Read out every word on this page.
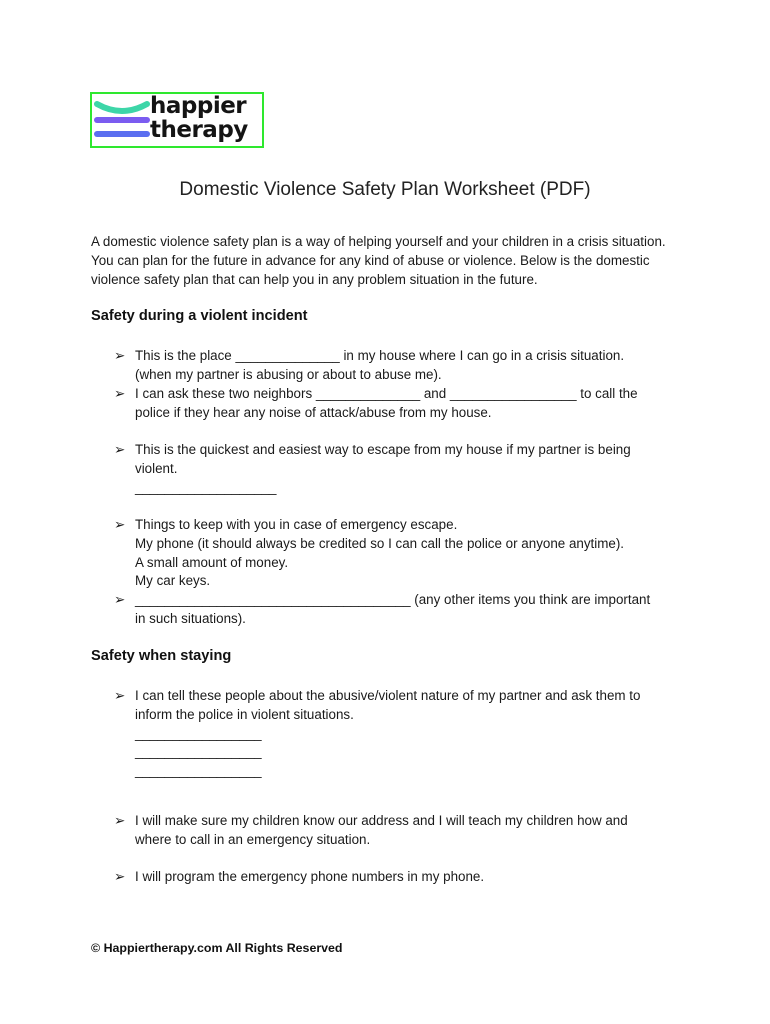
happier
therapy
Domestic Violence Safety Plan Worksheet (PDF)
A domestic violence safety plan is a way of helping yourself and your children in a crisis situation. You can plan for the future in advance for any kind of abuse or violence. Below is the domestic violence safety plan that can help you in any problem situation in the future.
Safety during a violent incident
➢ This is the place ______________ in my house where I can go in a crisis situation.
(when my partner is abusing or about to abuse me).
➢ I can ask these two neighbors ______________ and _________________ to call the
police if they hear any noise of attack/abuse from my house.
➢ This is the quickest and easiest way to escape from my house if my partner is being
violent.
___________________
➢ Things to keep with you in case of emergency escape.
My phone (it should always be credited so I can call the police or anyone anytime).
A small amount of money.
My car keys.
➢ _____________________________________ (any other items you think are important
in such situations).
Safety when staying
➢ I can tell these people about the abusive/violent nature of my partner and ask them to
inform the police in violent situations.
_________________
_________________
_________________
➢ I will make sure my children know our address and I will teach my children how and
where to call in an emergency situation.
➢ I will program the emergency phone numbers in my phone.
© Happiertherapy.com All Rights Reserved
